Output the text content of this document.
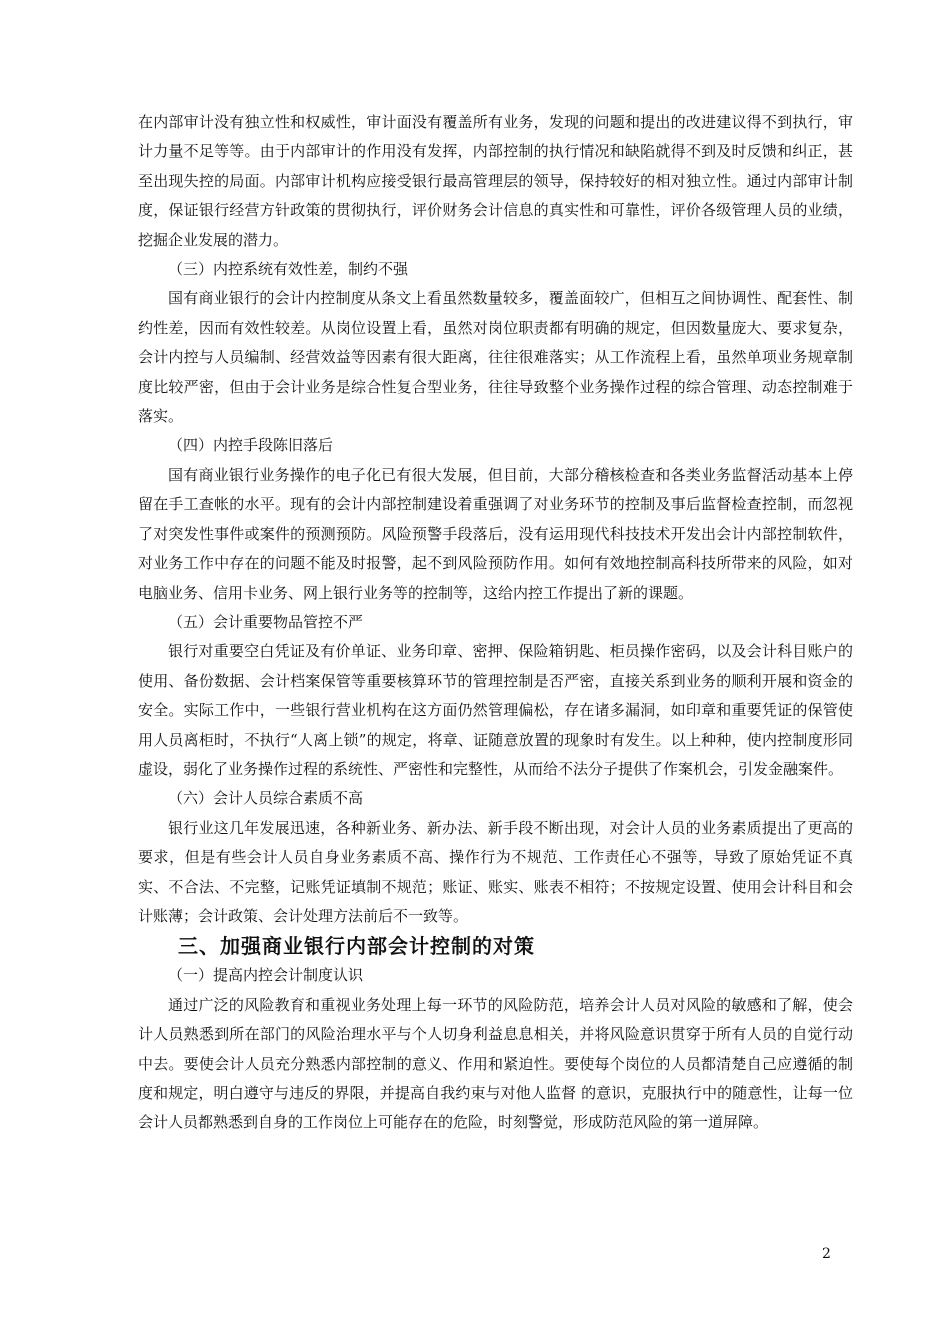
在内部审计没有独立性和权威性，审计面没有覆盖所有业务，发现的问题和提出的改进建议得不到执行，审计力量不足等等。由于内部审计的作用没有发挥，内部控制的执行情况和缺陷就得不到及时反馈和纠正，甚至出现失控的局面。内部审计机构应接受银行最高管理层的领导，保持较好的相对独立性。通过内部审计制度，保证银行经营方针政策的贯彻执行，评价财务会计信息的真实性和可靠性，评价各级管理人员的业绩，挖掘企业发展的潜力。

（三）内控系统有效性差，制约不强

国有商业银行的会计内控制度从条文上看虽然数量较多，覆盖面较广，但相互之间协调性、配套性、制约性差，因而有效性较差。从岗位设置上看，虽然对岗位职责都有明确的规定，但因数量庞大、要求复杂，会计内控与人员编制、经营效益等因素有很大距离，往往很难落实；从工作流程上看，虽然单项业务规章制度比较严密，但由于会计业务是综合性复合型业务，往往导致整个业务操作过程的综合管理、动态控制难于落实。

（四）内控手段陈旧落后

国有商业银行业务操作的电子化已有很大发展，但目前，大部分稽核检查和各类业务监督活动基本上停留在手工查帐的水平。现有的会计内部控制建设着重强调了对业务环节的控制及事后监督检查控制，而忽视了对突发性事件或案件的预测预防。风险预警手段落后，没有运用现代科技技术开发出会计内部控制软件，对业务工作中存在的问题不能及时报警，起不到风险预防作用。如何有效地控制高科技所带来的风险，如对电脑业务、信用卡业务、网上银行业务等的控制等，这给内控工作提出了新的课题。

（五）会计重要物品管控不严

银行对重要空白凭证及有价单证、业务印章、密押、保险箱钥匙、柜员操作密码，以及会计科目账户的使用、备份数据、会计档案保管等重要核算环节的管理控制是否严密，直接关系到业务的顺利开展和资金的安全。实际工作中，一些银行营业机构在这方面仍然管理偏松，存在诸多漏洞，如印章和重要凭证的保管使用人员离柜时，不执行“人离上锁”的规定，将章、证随意放置的现象时有发生。以上种种，使内控制度形同虚设，弱化了业务操作过程的系统性、严密性和完整性，从而给不法分子提供了作案机会，引发金融案件。

（六）会计人员综合素质不高

银行业这几年发展迅速，各种新业务、新办法、新手段不断出现，对会计人员的业务素质提出了更高的要求，但是有些会计人员自身业务素质不高、操作行为不规范、工作责任心不强等，导致了原始凭证不真实、不合法、不完整，记账凭证填制不规范；账证、账实、账表不相符；不按规定设置、使用会计科目和会计账薄；会计政策、会计处理方法前后不一致等。

三、加强商业银行内部会计控制的对策

（一）提高内控会计制度认识

通过广泛的风险教育和重视业务处理上每一环节的风险防范，培养会计人员对风险的敏感和了解，使会计人员熟悉到所在部门的风险治理水平与个人切身利益息息相关，并将风险意识贯穿于所有人员的自觉行动中去。要使会计人员充分熟悉内部控制的意义、作用和紧迫性。要使每个岗位的人员都清楚自己应遵循的制度和规定，明白遵守与违反的界限，并提高自我约束与对他人监督 的意识，克服执行中的随意性，让每一位会计人员都熟悉到自身的工作岗位上可能存在的危险，时刻警觉，形成防范风险的第一道屏障。

2
